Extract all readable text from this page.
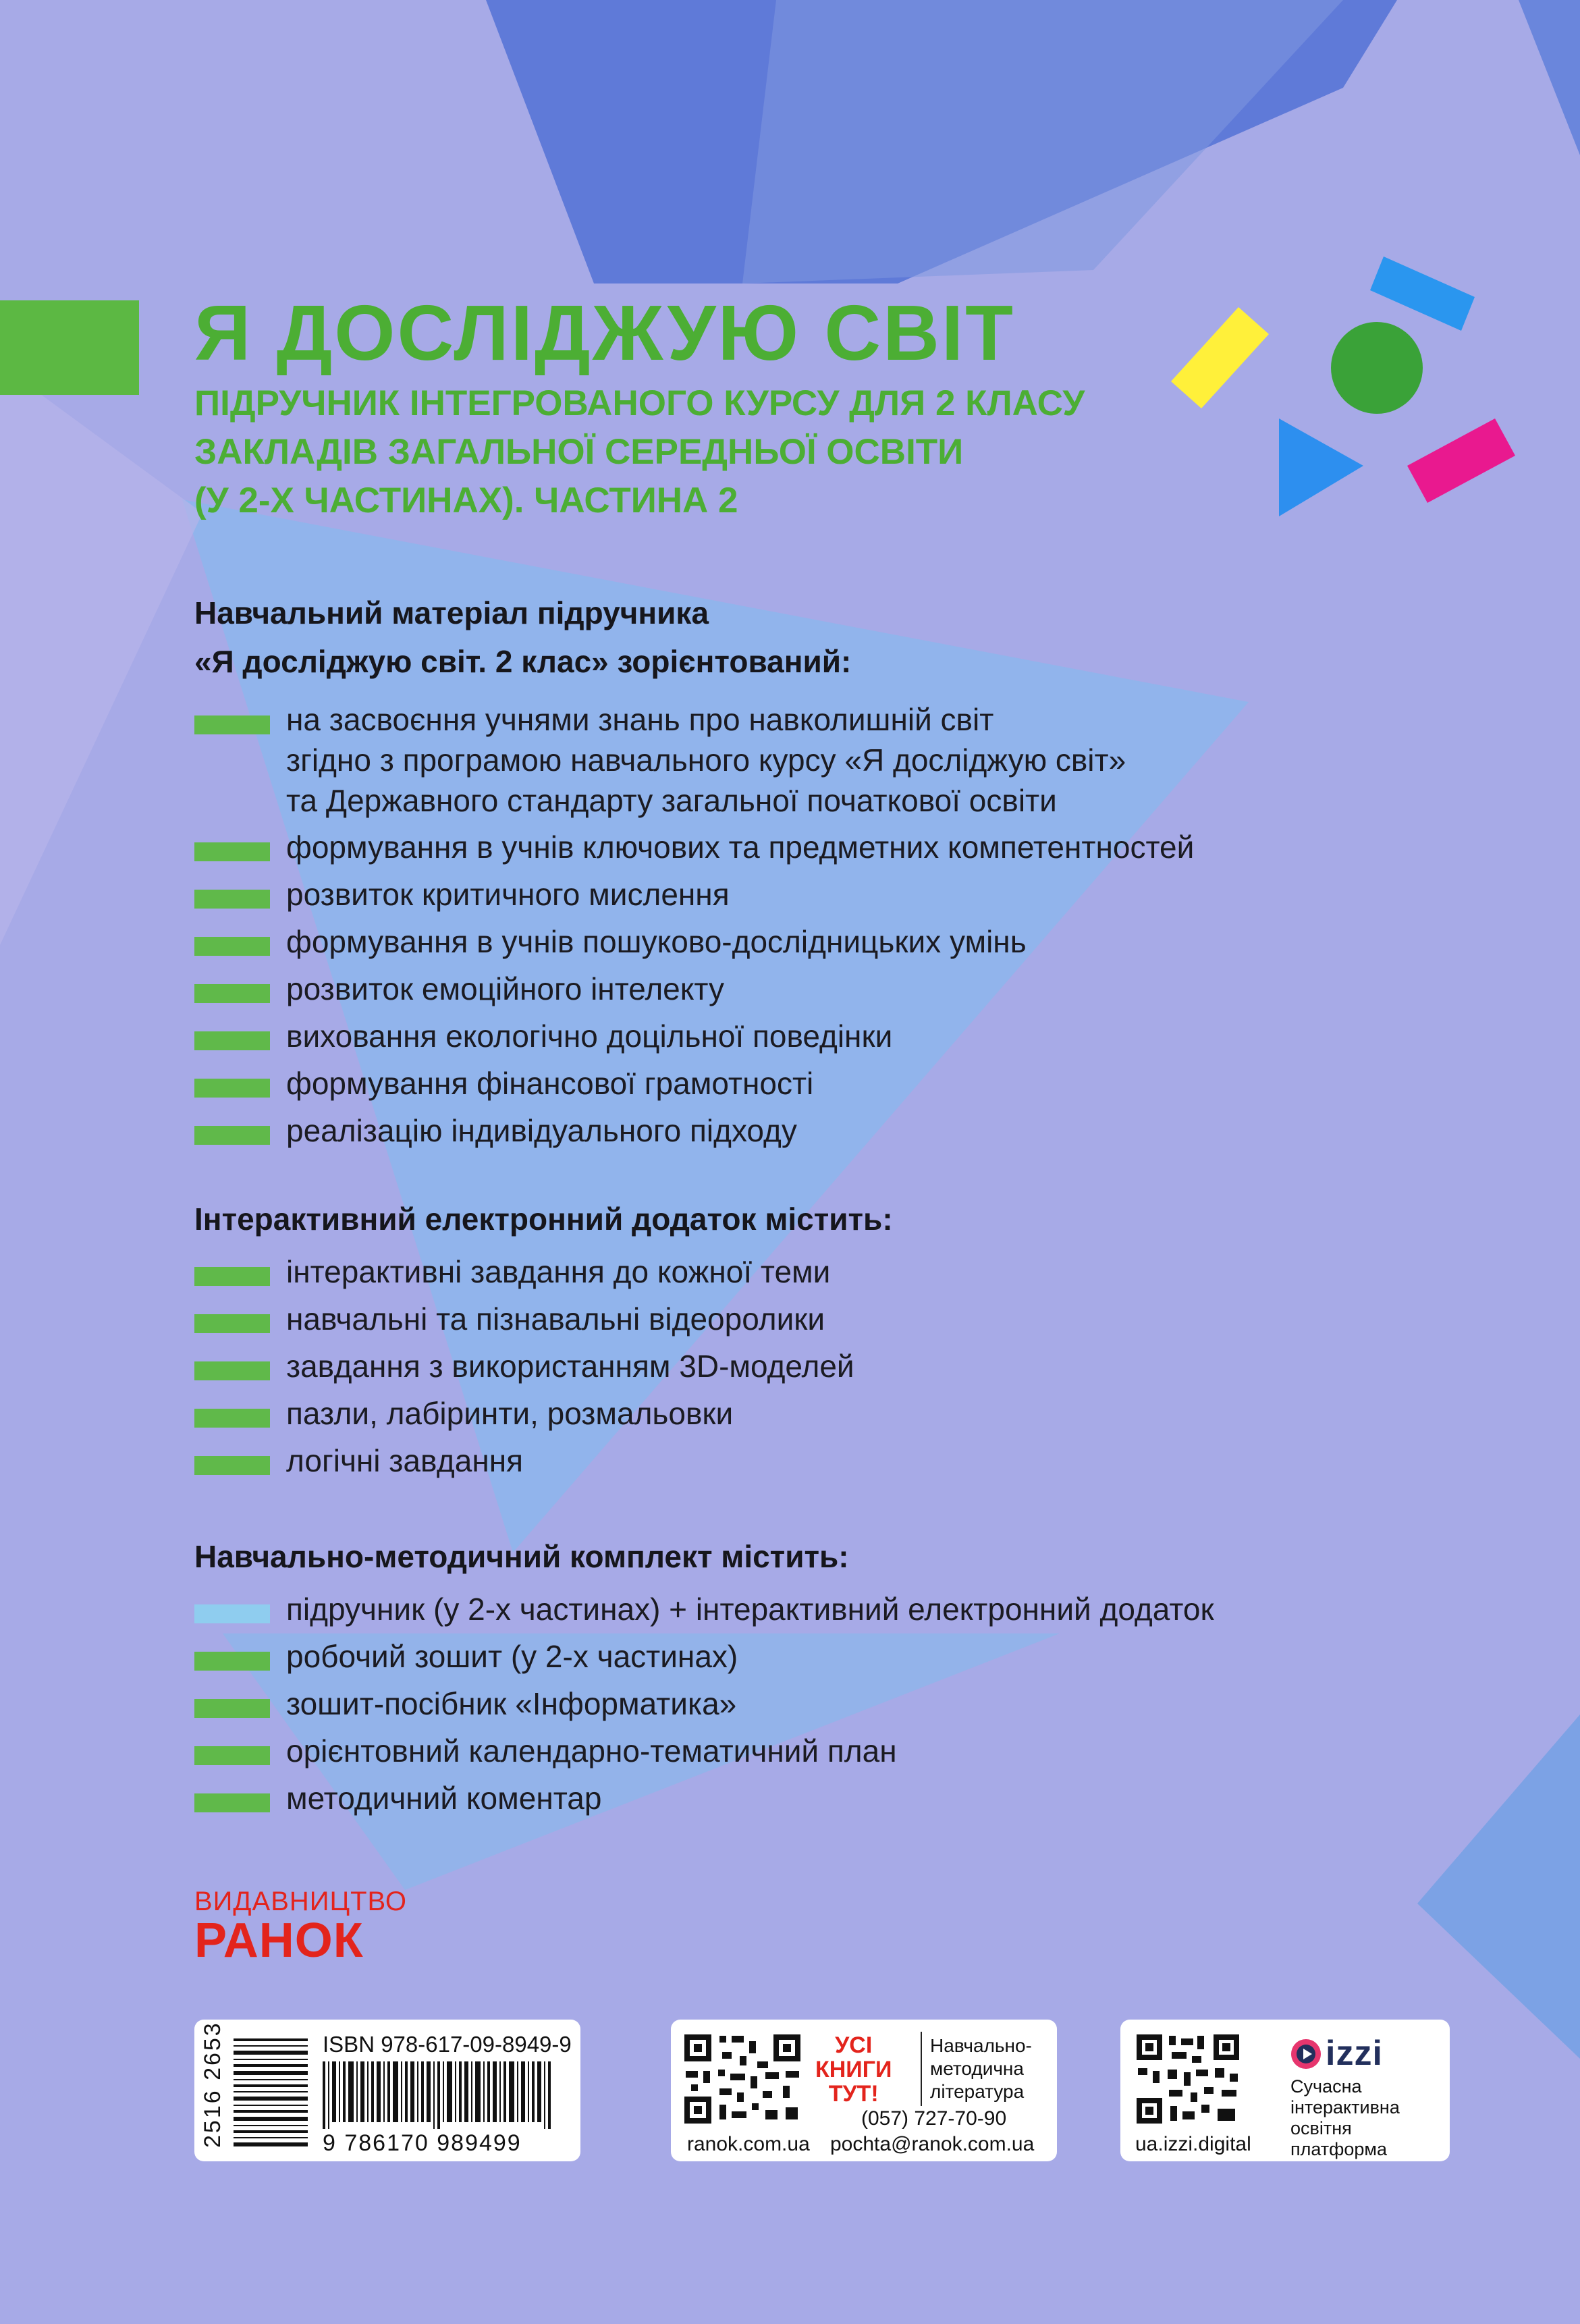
Я ДОСЛІДЖУЮ СВІТ
ПІДРУЧНИК ІНТЕГРОВАНОГО КУРСУ ДЛЯ 2 КЛАСУ
ЗАКЛАДІВ ЗАГАЛЬНОЇ СЕРЕДНЬОЇ ОСВІТИ
(У 2-Х ЧАСТИНАХ). ЧАСТИНА 2
Навчальний матеріал підручника
«Я досліджую світ. 2 клас» зорієнтований:
на засвоєння учнями знань про навколишній світ
згідно з програмою навчального курсу «Я досліджую світ»
та Державного стандарту загальної початкової освіти
формування в учнів ключових та предметних компетентностей
розвиток критичного мислення
формування в учнів пошуково-дослідницьких умінь
розвиток емоційного інтелекту
виховання екологічно доцільної поведінки
формування фінансової грамотності
реалізацію індивідуального підходу
Інтерактивний електронний додаток містить:
інтерактивні завдання до кожної теми
навчальні та пізнавальні відеоролики
завдання з використанням 3D-моделей
пазли, лабіринти, розмальовки
логічні завдання
Навчально-методичний комплект містить:
підручник (у 2-х частинах) + інтерактивний електронний додаток
робочий зошит (у 2-х частинах)
зошит-посібник «Інформатика»
орієнтовний календарно-тематичний план
методичний коментар
ВИДАВНИЦТВО
РАНОК
ISBN 978-617-09-8949-9
9 786170 989499
2516 2653	ranok.com.ua
УСІ
КНИГИ
ТУТ!
Навчально-
методична
література
(057) 727-70-90
pochta@ranok.com.ua	ua.izzi.digital
izzi
Сучасна
інтерактивна
освітня
платформа
